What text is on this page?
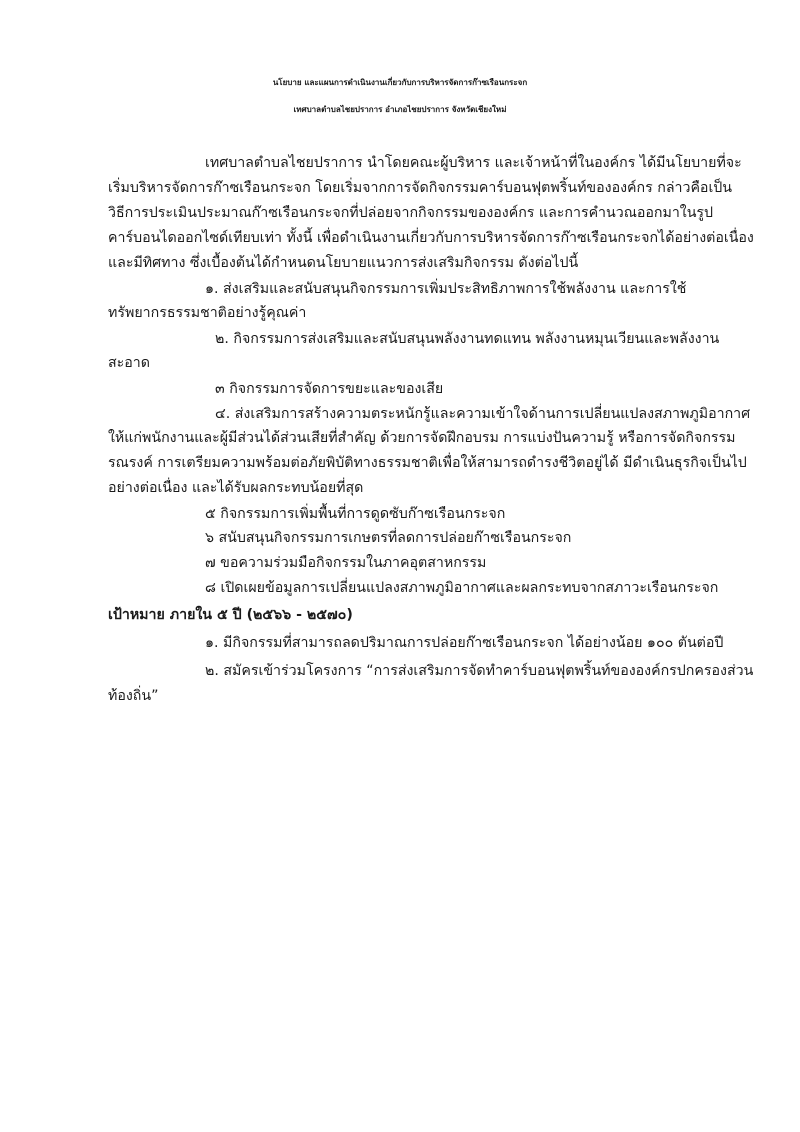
นโยบาย และแผนการดำเนินงานเกี่ยวกับการบริหารจัดการก๊าซเรือนกระจก
เทศบาลตำบลไชยปราการ อำเภอไชยปราการ จังหวัดเชียงใหม่
เทศบาลตำบลไชยปราการ นำโดยคณะผู้บริหาร และเจ้าหน้าที่ในองค์กร ได้มีนโยบายที่จะ
เริ่มบริหารจัดการก๊าซเรือนกระจก โดยเริ่มจากการจัดกิจกรรมคาร์บอนฟุตพริ้นท์ขององค์กร กล่าวคือเป็น
วิธีการประเมินประมาณก๊าซเรือนกระจกที่ปล่อยจากกิจกรรมขององค์กร และการคำนวณออกมาในรูป
คาร์บอนไดออกไซด์เทียบเท่า ทั้งนี้ เพื่อดำเนินงานเกี่ยวกับการบริหารจัดการก๊าซเรือนกระจกได้อย่างต่อเนื่อง
และมีทิศทาง ซึ่งเบื้องต้นได้กำหนดนโยบายแนวการส่งเสริมกิจกรรม ดังต่อไปนี้
๑. ส่งเสริมและสนับสนุนกิจกรรมการเพิ่มประสิทธิภาพการใช้พลังงาน และการใช้
ทรัพยากรธรรมชาติอย่างรู้คุณค่า
๒. กิจกรรมการส่งเสริมและสนับสนุนพลังงานทดแทน พลังงานหมุนเวียนและพลังงาน
สะอาด
๓ กิจกรรมการจัดการขยะและของเสีย
๔. ส่งเสริมการสร้างความตระหนักรู้และความเข้าใจด้านการเปลี่ยนแปลงสภาพภูมิอากาศ
ให้แก่พนักงานและผู้มีส่วนได้ส่วนเสียที่สำคัญ ด้วยการจัดฝึกอบรม การแบ่งปันความรู้ หรือการจัดกิจกรรม
รณรงค์ การเตรียมความพร้อมต่อภัยพิบัติทางธรรมชาติเพื่อให้สามารถดำรงชีวิตอยู่ได้ มีดำเนินธุรกิจเป็นไป
อย่างต่อเนื่อง และได้รับผลกระทบน้อยที่สุด
๕ กิจกรรมการเพิ่มพื้นที่การดูดซับก๊าซเรือนกระจก
๖ สนับสนุนกิจกรรมการเกษตรที่ลดการปล่อยก๊าซเรือนกระจก
๗ ขอความร่วมมือกิจกรรมในภาคอุตสาหกรรม
๘ เปิดเผยข้อมูลการเปลี่ยนแปลงสภาพภูมิอากาศและผลกระทบจากสภาวะเรือนกระจก
เป้าหมาย ภายใน ๕ ปี (๒๕๖๖ - ๒๕๗๐)
๑. มีกิจกรรมที่สามารถลดปริมาณการปล่อยก๊าซเรือนกระจก ได้อย่างน้อย ๑๐๐ ตันต่อปี
๒. สมัครเข้าร่วมโครงการ “การส่งเสริมการจัดทำคาร์บอนฟุตพริ้นท์ขององค์กรปกครองส่วน
ท้องถิ่น”
